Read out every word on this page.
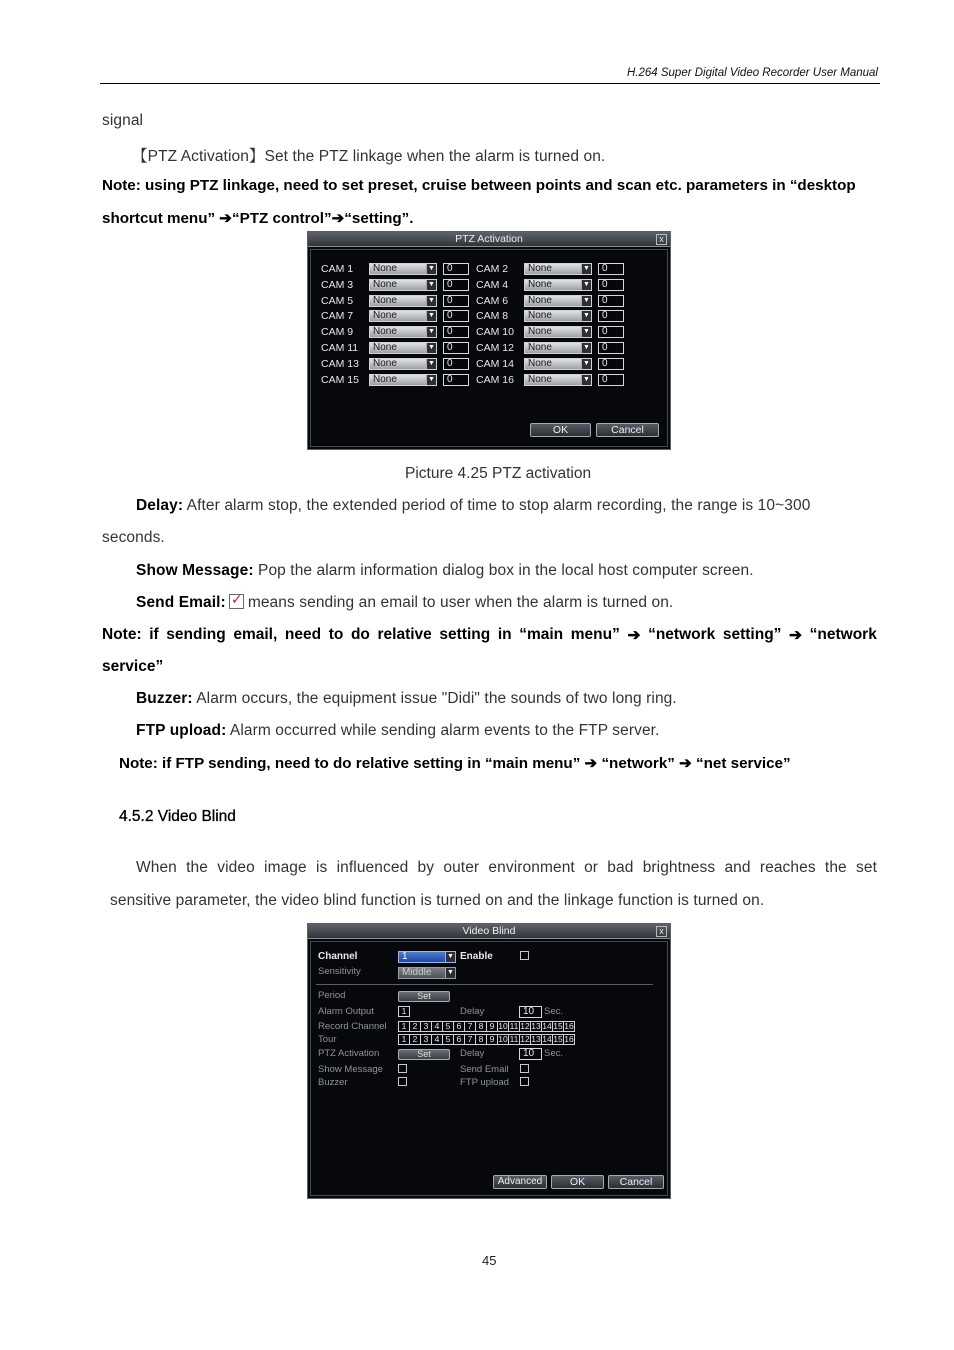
H.264 Super Digital Video Recorder User Manual
signal
【PTZ Activation】Set the PTZ linkage when the alarm is turned on.
Note: using PTZ linkage, need to set preset, cruise between points and scan etc. parameters in “desktop
shortcut menu” ➔“PTZ control”➔“setting”.
PTZ Activation	x
CAM 1	None	▼	0	CAM 2	None	▼	0
CAM 3	None	▼	0	CAM 4	None	▼	0
CAM 5	None	▼	0	CAM 6	None	▼	0
CAM 7	None	▼	0	CAM 8	None	▼	0
CAM 9	None	▼	0	CAM 10	None	▼	0
CAM 11	None	▼	0	CAM 12	None	▼	0
CAM 13	None	▼	0	CAM 14	None	▼	0
CAM 15	None	▼	0	CAM 16	None	▼	0
OK	Cancel
Picture 4.25 PTZ activation
Delay: After alarm stop, the extended period of time to stop alarm recording, the range is 10~300
seconds.
Show Message: Pop the alarm information dialog box in the local host computer screen.
Send Email:✓ means sending an email to user when the alarm is turned on.
Note: if sending email, need to do relative setting in “main menu” ➔ “network setting” ➔ “network
service”
Buzzer: Alarm occurs, the equipment issue "Didi" the sounds of two long ring.
FTP upload: Alarm occurred while sending alarm events to the FTP server.
Note: if FTP sending, need to do relative setting in “main menu” ➔ “network” ➔ “net service”
4.5.2 Video Blind
When the video image is influenced by outer environment or bad brightness and reaches the set
sensitive parameter, the video blind function is turned on and the linkage function is turned on.
Video Blind	x
Channel	1	▼ Enable
Sensitivity	Middle ▼
Period	Set
Alarm Output	1	Delay	10	Sec.
Record Channel	1 2 3 4 5 6 7 8 9 10 11 12 13 14 15 16
Tour	1 2 3 4 5 6 7 8 9 10 11 12 13 14 15 16
PTZ Activation	Set	Delay	10	Sec.
Show Message	Send Email
Buzzer	FTP upload
Advanced	OK	Cancel
45
